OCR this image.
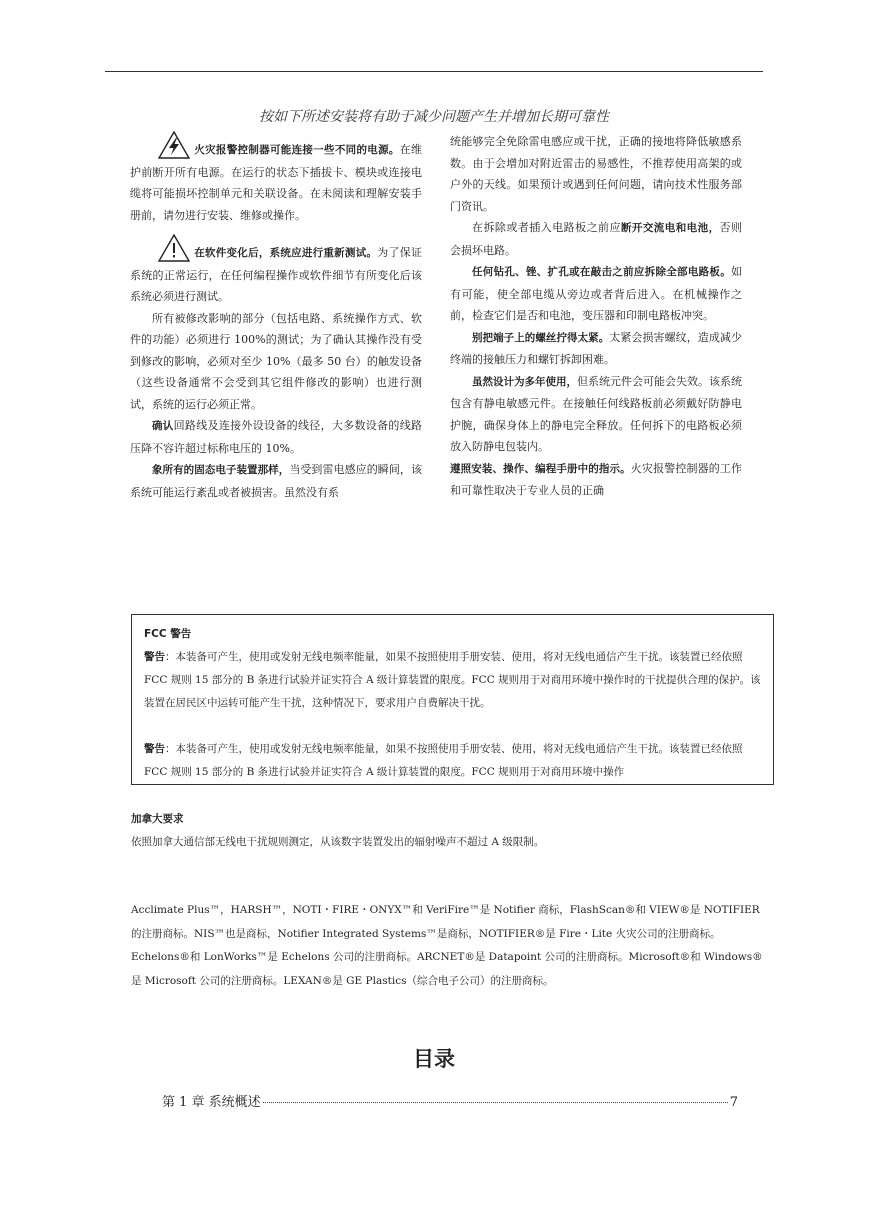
按如下所述安装将有助于减少问题产生并增加长期可靠性

火灾报警控制器可能连接一些不同的电源。在维护前断开所有电源。在运行的状态下插拔卡、模块或连接电缆将可能损坏控制单元和关联设备。在未阅读和理解安装手册前，请勿进行安装、维修或操作。

在软件变化后，系统应进行重新测试。为了保证系统的正常运行，在任何编程操作或软件细节有所变化后该系统必须进行测试。

所有被修改影响的部分（包括电路、系统操作方式、软件的功能）必须进行 100%的测试；为了确认其操作没有受到修改的影响，必须对至少 10%（最多 50 台）的触发设备（这些设备通常不会受到其它组件修改的影响）也进行测试，系统的运行必须正常。

确认回路线及连接外设设备的线径，大多数设备的线路压降不容许超过标称电压的 10%。

象所有的固态电子装置那样，当受到雷电感应的瞬间，该系统可能运行紊乱或者被损害。虽然没有系

统能够完全免除雷电感应或干扰，正确的接地将降低敏感系数。由于会增加对附近雷击的易感性，不推荐使用高架的或户外的天线。如果预计或遇到任何问题，请向技术性服务部门资讯。

在拆除或者插入电路板之前应断开交流电和电池，否则会损坏电路。

任何钻孔、锉、扩孔或在敲击之前应拆除全部电路板。如有可能，使全部电缆从旁边或者背后进入。在机械操作之前，检查它们是否和电池，变压器和印制电路板冲突。

别把端子上的螺丝拧得太紧。太紧会损害螺纹，造成减少终端的接触压力和螺钉拆卸困难。

虽然设计为多年使用，但系统元件会可能会失效。该系统包含有静电敏感元件。在接触任何线路板前必须戴好防静电护腕，确保身体上的静电完全释放。任何拆下的电路板必须放入防静电包装内。

遵照安装、操作、编程手册中的指示。火灾报警控制器的工作和可靠性取决于专业人员的正确

FCC 警告

警告：本装备可产生，使用或发射无线电频率能量，如果不按照使用手册安装、使用，将对无线电通信产生干扰。该装置已经依照 FCC 规则 15 部分的 B 条进行试验并证实符合 A 级计算装置的限度。FCC 规则用于对商用环境中操作时的干扰提供合理的保护。该装置在居民区中运转可能产生干扰，这种情况下，要求用户自费解决干扰。

警告：本装备可产生，使用或发射无线电频率能量，如果不按照使用手册安装、使用，将对无线电通信产生干扰。该装置已经依照 FCC 规则 15 部分的 B 条进行试验并证实符合 A 级计算装置的限度。FCC 规则用于对商用环境中操作

加拿大要求

依照加拿大通信部无线电干扰规则测定，从该数字装置发出的辐射噪声不超过 A 级限制。

Acclimate Plus™，HARSH™，NOTI・FIRE・ONYX™和 VeriFire™是 Notifier 商标，FlashScan®和 VIEW®是 NOTIFIER 的注册商标。NIS™也是商标，Notifier Integrated Systems™是商标，NOTIFIER®是 Fire・Lite 火灾公司的注册商标。Echelons®和 LonWorks™是 Echelons 公司的注册商标。ARCNET®是 Datapoint 公司的注册商标。Microsoft®和 Windows®是 Microsoft 公司的注册商标。LEXAN®是 GE Plastics（综合电子公司）的注册商标。

目录
第 1 章 系统概述	7
